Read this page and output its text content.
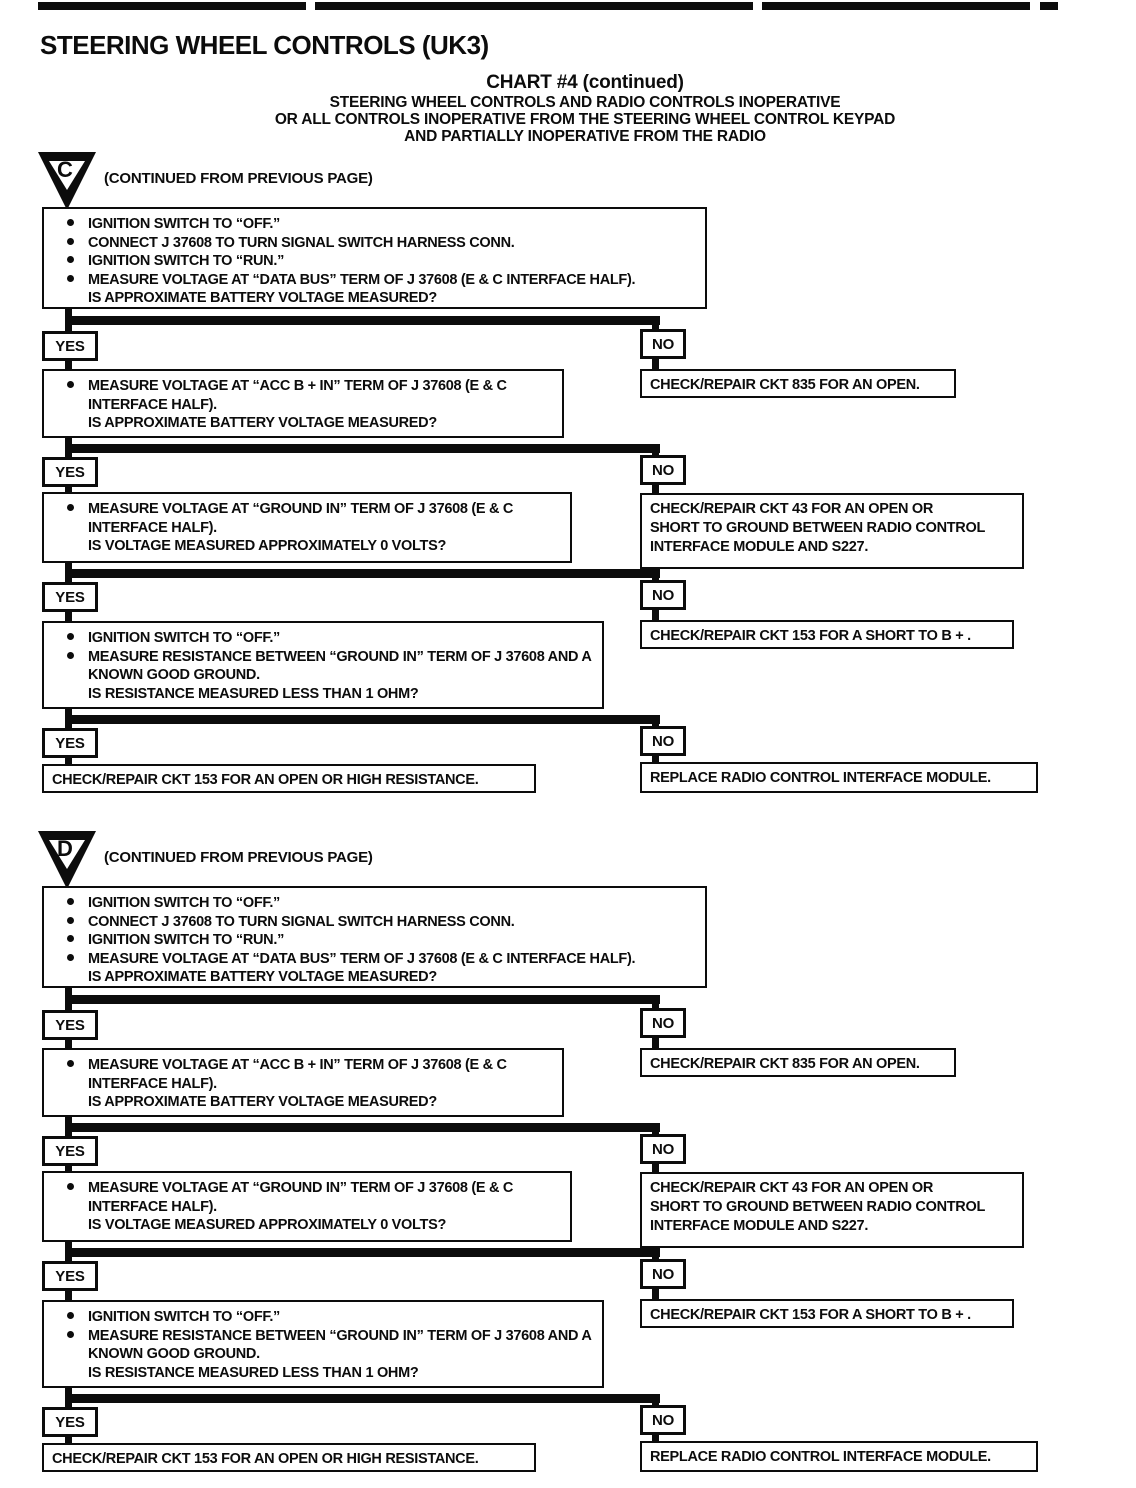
STEERING WHEEL CONTROLS (UK3)
CHART #4 (continued)
STEERING WHEEL CONTROLS AND RADIO CONTROLS INOPERATIVE
OR ALL CONTROLS INOPERATIVE FROM THE STEERING WHEEL CONTROL KEYPAD
AND PARTIALLY INOPERATIVE FROM THE RADIO
C	(CONTINUED FROM PREVIOUS PAGE)
IGNITION SWITCH TO “OFF.”
CONNECT J 37608 TO TURN SIGNAL SWITCH HARNESS CONN.
IGNITION SWITCH TO “RUN.”
MEASURE VOLTAGE AT “DATA BUS” TERM OF J 37608 (E & C INTERFACE HALF).
IS APPROXIMATE BATTERY VOLTAGE MEASURED?
YES	NO
CHECK/REPAIR CKT 835 FOR AN OPEN.
MEASURE VOLTAGE AT “ACC B + IN” TERM OF J 37608 (E & C INTERFACE HALF).
IS APPROXIMATE BATTERY VOLTAGE MEASURED?
YES	NO
CHECK/REPAIR CKT 43 FOR AN OPEN OR SHORT TO GROUND BETWEEN RADIO CONTROL INTERFACE MODULE AND S227.
MEASURE VOLTAGE AT “GROUND IN” TERM OF J 37608 (E & C INTERFACE HALF).
IS VOLTAGE MEASURED APPROXIMATELY 0 VOLTS?
YES	NO
CHECK/REPAIR CKT 153 FOR A SHORT TO B + .
IGNITION SWITCH TO “OFF.”
MEASURE RESISTANCE BETWEEN “GROUND IN” TERM OF J 37608 AND A KNOWN GOOD GROUND.
IS RESISTANCE MEASURED LESS THAN 1 OHM?
YES	NO
CHECK/REPAIR CKT 153 FOR AN OPEN OR HIGH RESISTANCE.	REPLACE RADIO CONTROL INTERFACE MODULE.
D	(CONTINUED FROM PREVIOUS PAGE)
IGNITION SWITCH TO “OFF.”
CONNECT J 37608 TO TURN SIGNAL SWITCH HARNESS CONN.
IGNITION SWITCH TO “RUN.”
MEASURE VOLTAGE AT “DATA BUS” TERM OF J 37608 (E & C INTERFACE HALF).
IS APPROXIMATE BATTERY VOLTAGE MEASURED?
YES	NO
CHECK/REPAIR CKT 835 FOR AN OPEN.
MEASURE VOLTAGE AT “ACC B + IN” TERM OF J 37608 (E & C INTERFACE HALF).
IS APPROXIMATE BATTERY VOLTAGE MEASURED?
YES	NO
CHECK/REPAIR CKT 43 FOR AN OPEN OR SHORT TO GROUND BETWEEN RADIO CONTROL INTERFACE MODULE AND S227.
MEASURE VOLTAGE AT “GROUND IN” TERM OF J 37608 (E & C INTERFACE HALF).
IS VOLTAGE MEASURED APPROXIMATELY 0 VOLTS?
YES	NO
CHECK/REPAIR CKT 153 FOR A SHORT TO B + .
IGNITION SWITCH TO “OFF.”
MEASURE RESISTANCE BETWEEN “GROUND IN” TERM OF J 37608 AND A KNOWN GOOD GROUND.
IS RESISTANCE MEASURED LESS THAN 1 OHM?
YES	NO
CHECK/REPAIR CKT 153 FOR AN OPEN OR HIGH RESISTANCE.	REPLACE RADIO CONTROL INTERFACE MODULE.
